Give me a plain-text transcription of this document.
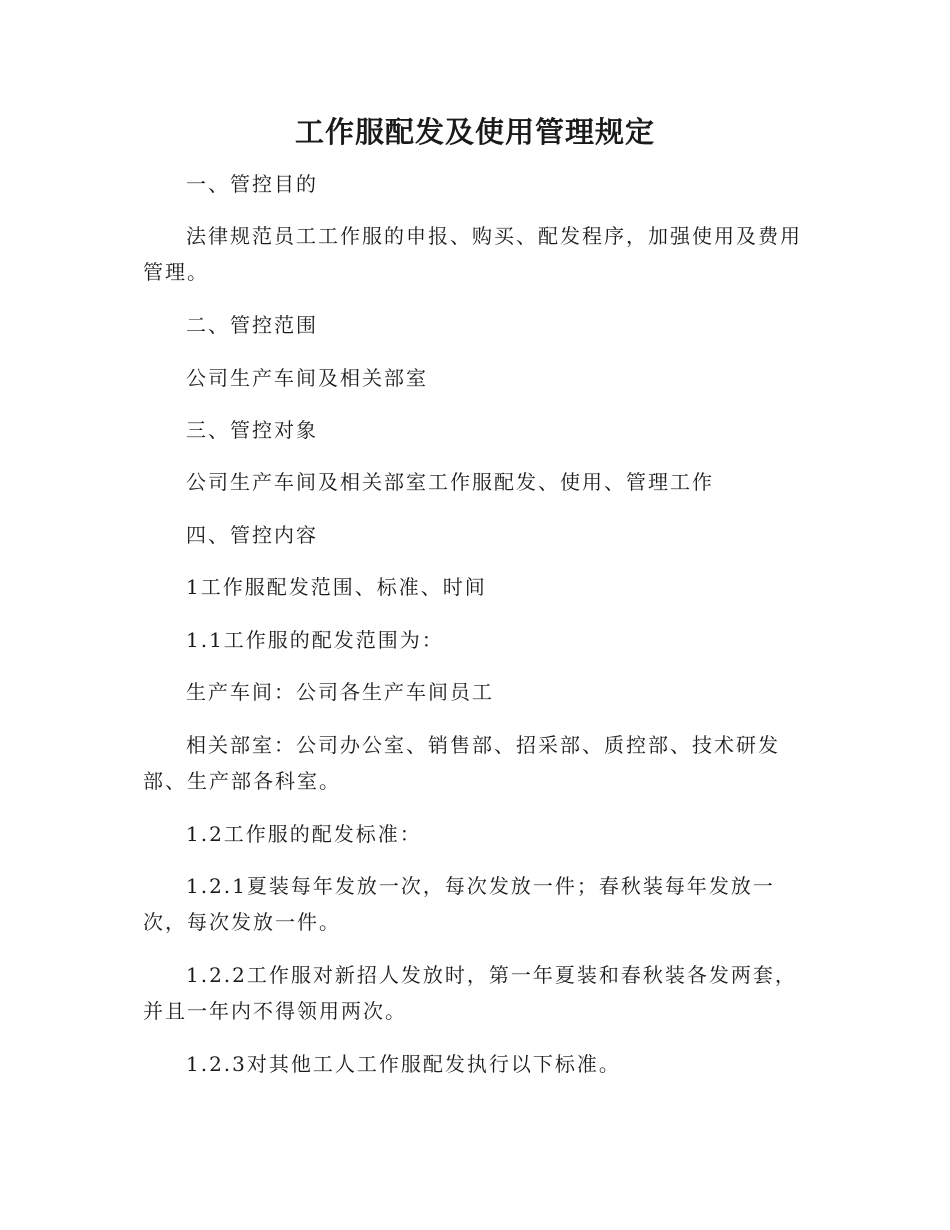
工作服配发及使用管理规定
一、管控目的
法律规范员工工作服的申报、购买、配发程序，加强使用及费用管理。
二、管控范围
公司生产车间及相关部室
三、管控对象
公司生产车间及相关部室工作服配发、使用、管理工作
四、管控内容
1工作服配发范围、标准、时间
1.1工作服的配发范围为：
生产车间：公司各生产车间员工
相关部室：公司办公室、销售部、招采部、质控部、技术研发部、生产部各科室。
1.2工作服的配发标准：
1.2.1夏装每年发放一次，每次发放一件；春秋装每年发放一次，每次发放一件。
1.2.2工作服对新招人发放时，第一年夏装和春秋装各发两套，并且一年内不得领用两次。
1.2.3对其他工人工作服配发执行以下标准。
